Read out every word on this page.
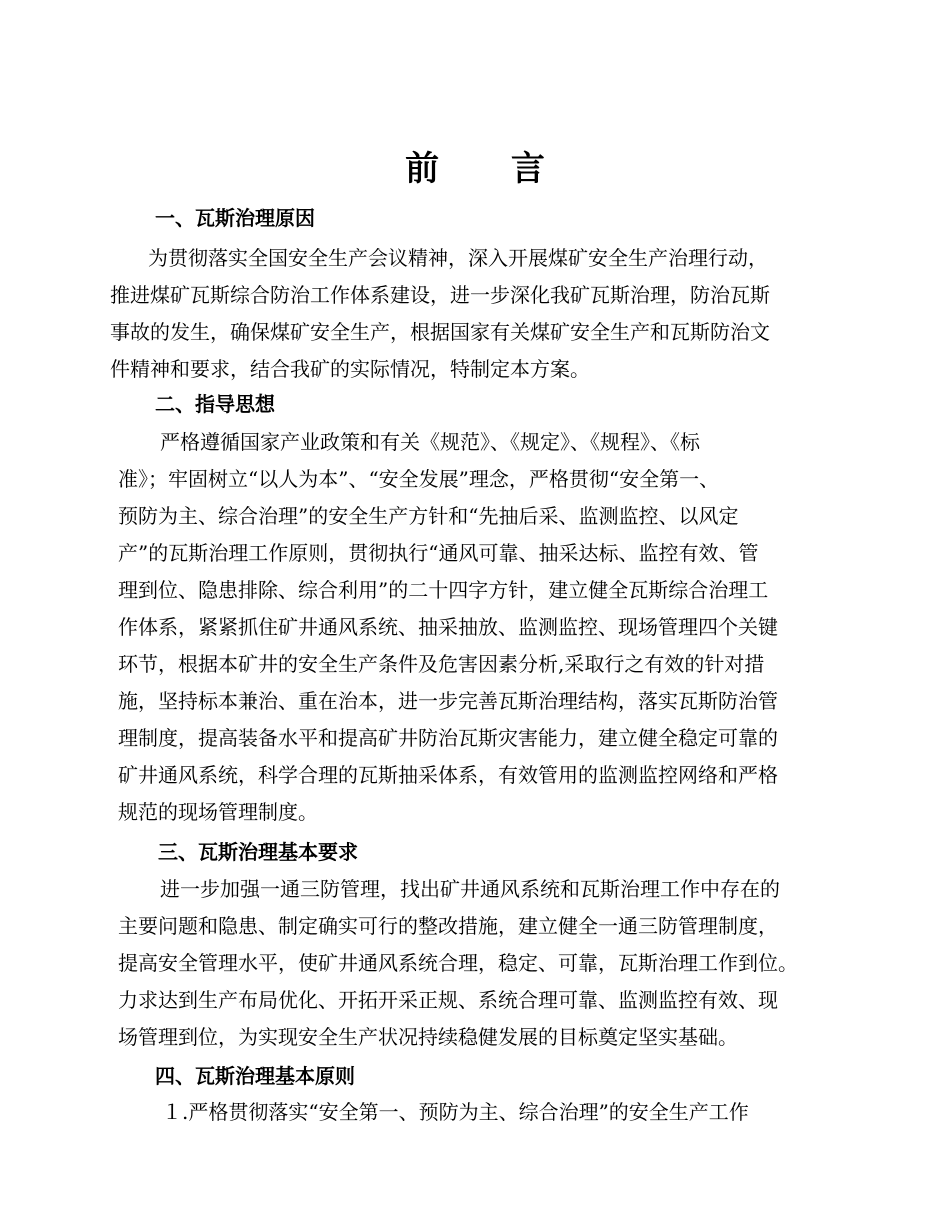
前 言
一、瓦斯治理原因
为贯彻落实全国安全生产会议精神，深入开展煤矿安全生产治理行动，
推进煤矿瓦斯综合防治工作体系建设，进一步深化我矿瓦斯治理，防治瓦斯
事故的发生，确保煤矿安全生产，根据国家有关煤矿安全生产和瓦斯防治文
件精神和要求，结合我矿的实际情况，特制定本方案。
二、指导思想
严格遵循国家产业政策和有关《规范》、《规定》、《规程》、《标
准》；牢固树立“以人为本”、“安全发展”理念，严格贯彻“安全第一、
预防为主、综合治理”的安全生产方针和“先抽后采、监测监控、以风定
产”的瓦斯治理工作原则，贯彻执行“通风可靠、抽采达标、监控有效、管
理到位、隐患排除、综合利用”的二十四字方针，建立健全瓦斯综合治理工
作体系，紧紧抓住矿井通风系统、抽采抽放、监测监控、现场管理四个关键
环节，根据本矿井的安全生产条件及危害因素分析,采取行之有效的针对措
施，坚持标本兼治、重在治本，进一步完善瓦斯治理结构，落实瓦斯防治管
理制度，提高装备水平和提高矿井防治瓦斯灾害能力，建立健全稳定可靠的
矿井通风系统，科学合理的瓦斯抽采体系，有效管用的监测监控网络和严格
规范的现场管理制度。
三、瓦斯治理基本要求
进一步加强一通三防管理，找出矿井通风系统和瓦斯治理工作中存在的
主要问题和隐患、制定确实可行的整改措施，建立健全一通三防管理制度，
提高安全管理水平，使矿井通风系统合理，稳定、可靠，瓦斯治理工作到位。
力求达到生产布局优化、开拓开采正规、系统合理可靠、监测监控有效、现
场管理到位，为实现安全生产状况持续稳健发展的目标奠定坚实基础。
四、瓦斯治理基本原则
１.严格贯彻落实“安全第一、预防为主、综合治理”的安全生产工作
